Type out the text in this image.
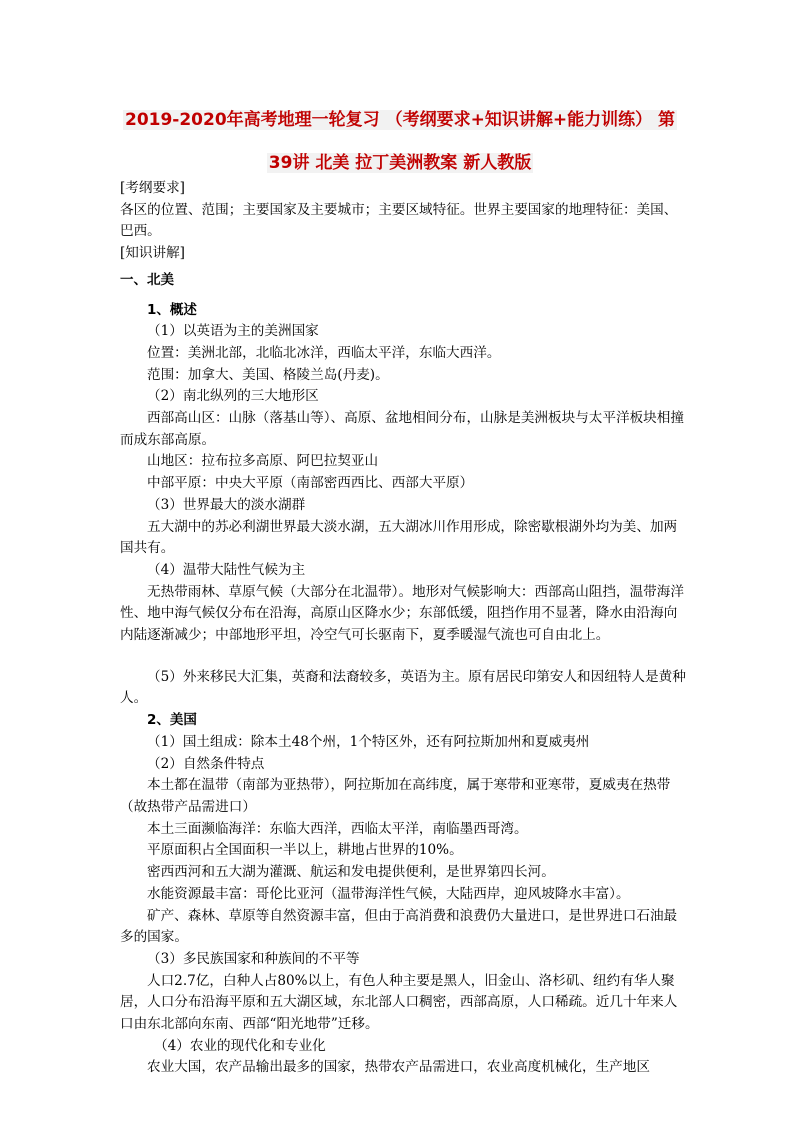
2019-2020年高考地理一轮复习 （考纲要求+知识讲解+能力训练） 第
39讲 北美 拉丁美洲教案 新人教版

[考纲要求]

各区的位置、范围；主要国家及主要城市；主要区域特征。世界主要国家的地理特征：美国、巴西。

[知识讲解]

一、北美

1、概述

（1）以英语为主的美洲国家

位置：美洲北部，北临北冰洋，西临太平洋，东临大西洋。

范围：加拿大、美国、格陵兰岛(丹麦)。

（2）南北纵列的三大地形区

西部高山区：山脉（落基山等）、高原、盆地相间分布，山脉是美洲板块与太平洋板块相撞而成东部高原。

山地区：拉布拉多高原、阿巴拉契亚山

中部平原：中央大平原（南部密西西比、西部大平原）

（3）世界最大的淡水湖群

五大湖中的苏必利湖世界最大淡水湖，五大湖冰川作用形成，除密歇根湖外均为美、加两国共有。

（4）温带大陆性气候为主

无热带雨林、草原气候（大部分在北温带）。地形对气候影响大：西部高山阻挡，温带海洋性、地中海气候仅分布在沿海，高原山区降水少；东部低缓，阻挡作用不显著，降水由沿海向内陆逐渐减少；中部地形平坦，冷空气可长驱南下，夏季暖湿气流也可自由北上。

（5）外来移民大汇集，英裔和法裔较多，英语为主。原有居民印第安人和因纽特人是黄种人。

2、美国

（1）国土组成：除本土48个州，1个特区外，还有阿拉斯加州和夏威夷州

（2）自然条件特点

本土都在温带（南部为亚热带），阿拉斯加在高纬度，属于寒带和亚寒带，夏威夷在热带（故热带产品需进口）

本土三面濒临海洋：东临大西洋，西临太平洋，南临墨西哥湾。

平原面积占全国面积一半以上，耕地占世界的10%。

密西西河和五大湖为灌溉、航运和发电提供便利，是世界第四长河。

水能资源最丰富：哥伦比亚河（温带海洋性气候，大陆西岸，迎风坡降水丰富）。

矿产、森林、草原等自然资源丰富，但由于高消费和浪费仍大量进口，是世界进口石油最多的国家。

（3）多民族国家和种族间的不平等

人口2.7亿，白种人占80%以上，有色人种主要是黑人，旧金山、洛杉矶、纽约有华人聚居，人口分布沿海平原和五大湖区域，东北部人口稠密，西部高原，人口稀疏。近几十年来人口由东北部向东南、西部“阳光地带”迁移。

（4）农业的现代化和专业化

农业大国，农产品输出最多的国家，热带农产品需进口，农业高度机械化，生产地区
